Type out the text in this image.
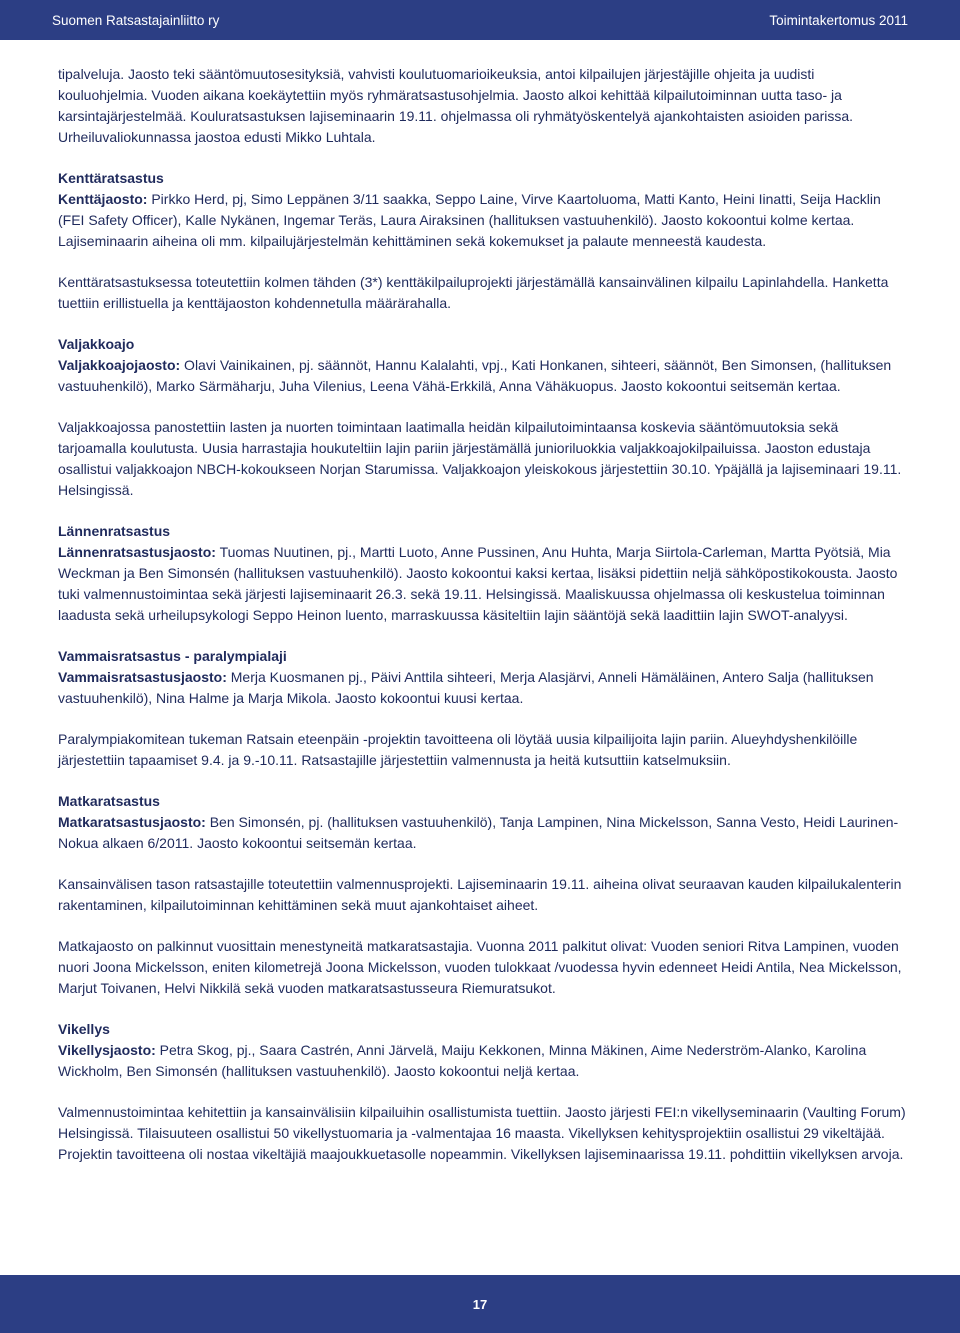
Suomen Ratsastajainliitto ry	Toimintakertomus 2011

tipalveluja. Jaosto teki sääntömuutosesityksiä, vahvisti koulutuomarioikeuksia, antoi kilpailujen järjestäjille ohjeita ja uudisti kouluohjelmia. Vuoden aikana koekäytettiin myös ryhmäratsastusohjelmia. Jaosto alkoi kehittää kilpailutoiminnan uutta taso- ja karsintajärjestelmää. Kouluratsastuksen lajiseminaarin 19.11. ohjelmassa oli ryhmätyöskentelyä ajankohtaisten asioiden parissa. Urheiluvaliokunnassa jaostoa edusti Mikko Luhtala.

Kenttäratsastus

Kenttäjaosto: Pirkko Herd, pj, Simo Leppänen 3/11 saakka, Seppo Laine, Virve Kaartoluoma, Matti Kanto, Heini Iinatti, Seija Hacklin (FEI Safety Officer), Kalle Nykänen, Ingemar Teräs, Laura Airaksinen (hallituksen vastuuhenkilö). Jaosto kokoontui kolme kertaa. Lajiseminaarin aiheina oli mm. kilpailujärjestelmän kehittäminen sekä kokemukset ja palaute menneestä kaudesta.

Kenttäratsastuksessa toteutettiin kolmen tähden (3*) kenttäkilpailuprojekti järjestämällä kansainvälinen kilpailu Lapinlahdella. Hanketta tuettiin erillistuella ja kenttäjaoston kohdennetulla määrärahalla.

Valjakkoajo

Valjakkoajojaosto: Olavi Vainikainen, pj. säännöt, Hannu Kalalahti, vpj., Kati Honkanen, sihteeri, säännöt, Ben Simonsen, (hallituksen vastuuhenkilö), Marko Särmäharju, Juha Vilenius, Leena Vähä-Erkkilä, Anna Vähäkuopus. Jaosto kokoontui seitsemän kertaa.

Valjakkoajossa panostettiin lasten ja nuorten toimintaan laatimalla heidän kilpailutoimintaansa koskevia sääntömuutoksia sekä tarjoamalla koulutusta. Uusia harrastajia houkuteltiin lajin pariin järjestämällä junioriluokkia valjakkoajokilpailuissa. Jaoston edustaja osallistui valjakkoajon NBCH-kokoukseen Norjan Starumissa. Valjakkoajon yleiskokous järjestettiin 30.10. Ypäjällä ja lajiseminaari 19.11. Helsingissä.

Lännenratsastus

Lännenratsastusjaosto: Tuomas Nuutinen, pj., Martti Luoto, Anne Pussinen, Anu Huhta, Marja Siirtola-Carleman, Martta Pyötsiä, Mia Weckman ja Ben Simonsén (hallituksen vastuuhenkilö). Jaosto kokoontui kaksi kertaa, lisäksi pidettiin neljä sähköpostikokousta. Jaosto tuki valmennustoimintaa sekä järjesti lajiseminaarit 26.3. sekä 19.11. Helsingissä. Maaliskuussa ohjelmassa oli keskustelua toiminnan laadusta sekä urheilupsykologi Seppo Heinon luento, marraskuussa käsiteltiin lajin sääntöjä sekä laadittiin lajin SWOT-analyysi.

Vammaisratsastus - paralympialaji

Vammaisratsastusjaosto: Merja Kuosmanen pj., Päivi Anttila sihteeri, Merja Alasjärvi, Anneli Hämäläinen, Antero Salja (hallituksen vastuuhenkilö), Nina Halme ja Marja Mikola. Jaosto kokoontui kuusi kertaa.

Paralympiakomitean tukeman Ratsain eteenpäin -projektin tavoitteena oli löytää uusia kilpailijoita lajin pariin. Alueyhdyshenkilöille järjestettiin tapaamiset 9.4. ja 9.-10.11. Ratsastajille järjestettiin valmennusta ja heitä kutsuttiin katselmuksiin.

Matkaratsastus

Matkaratsastusjaosto: Ben Simonsén, pj. (hallituksen vastuuhenkilö), Tanja Lampinen, Nina Mickelsson, Sanna Vesto, Heidi Laurinen-Nokua alkaen 6/2011. Jaosto kokoontui seitsemän kertaa.

Kansainvälisen tason ratsastajille toteutettiin valmennusprojekti. Lajiseminaarin 19.11. aiheina olivat seuraavan kauden kilpailukalenterin rakentaminen, kilpailutoiminnan kehittäminen sekä muut ajankohtaiset aiheet.

Matkajaosto on palkinnut vuosittain menestyneitä matkaratsastajia. Vuonna 2011 palkitut olivat: Vuoden seniori Ritva Lampinen, vuoden nuori Joona Mickelsson, eniten kilometrejä Joona Mickelsson, vuoden tulokkaat /vuodessa hyvin edenneet Heidi Antila, Nea Mickelsson, Marjut Toivanen, Helvi Nikkilä sekä vuoden matkaratsastusseura Riemuratsukot.

Vikellys

Vikellysjaosto: Petra Skog, pj., Saara Castrén, Anni Järvelä, Maiju Kekkonen, Minna Mäkinen, Aime Nederström-Alanko, Karolina Wickholm, Ben Simonsén (hallituksen vastuuhenkilö). Jaosto kokoontui neljä kertaa.

Valmennustoimintaa kehitettiin ja kansainvälisiin kilpailuihin osallistumista tuettiin. Jaosto järjesti FEI:n vikellyseminaarin (Vaulting Forum) Helsingissä. Tilaisuuteen osallistui 50 vikellystuomaria ja -valmentajaa 16 maasta. Vikellyksen kehitysprojektiin osallistui 29 vikeltäjää. Projektin tavoitteena oli nostaa vikeltäjiä maajoukkuetasolle nopeammin. Vikellyksen lajiseminaarissa 19.11. pohdittiin vikellyksen arvoja.

17
